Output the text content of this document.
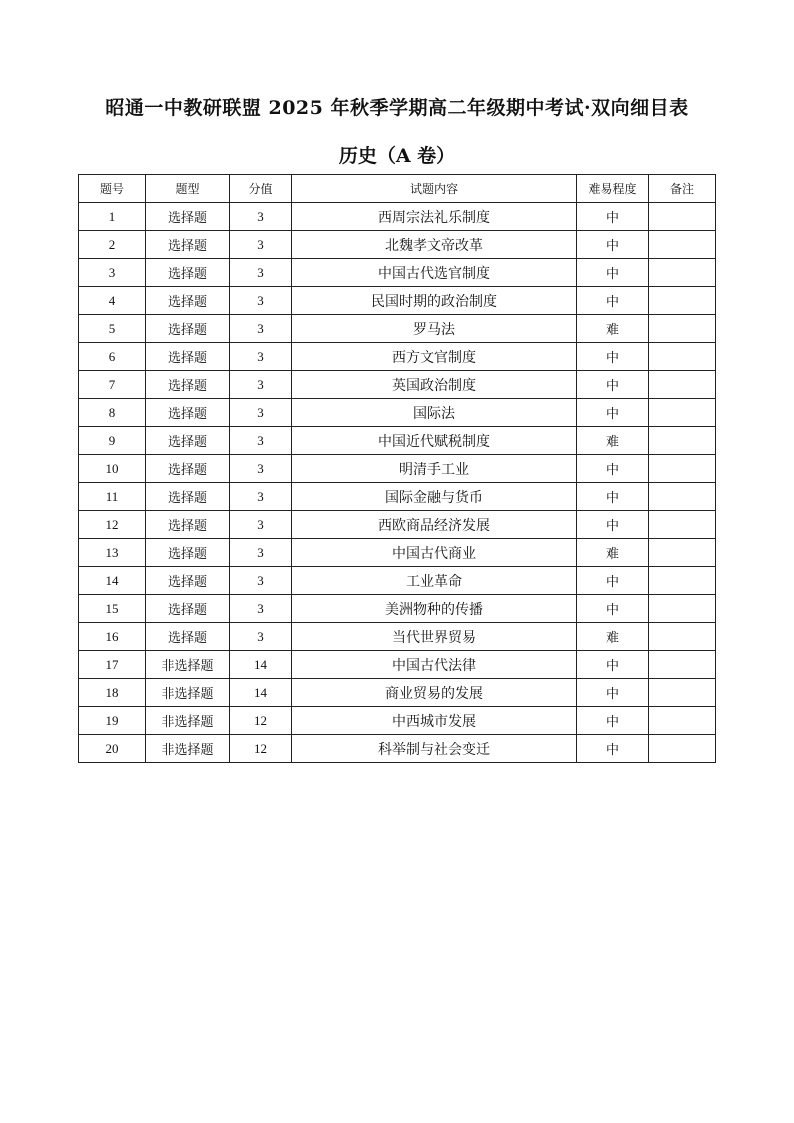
昭通一中教研联盟 2025 年秋季学期高二年级期中考试·双向细目表
历史（A 卷）
题号	题型	分值	试题内容	难易程度	备注
1	选择题	3	西周宗法礼乐制度	中	
2	选择题	3	北魏孝文帝改革	中	
3	选择题	3	中国古代选官制度	中	
4	选择题	3	民国时期的政治制度	中	
5	选择题	3	罗马法	难	
6	选择题	3	西方文官制度	中	
7	选择题	3	英国政治制度	中	
8	选择题	3	国际法	中	
9	选择题	3	中国近代赋税制度	难	
10	选择题	3	明清手工业	中	
11	选择题	3	国际金融与货币	中	
12	选择题	3	西欧商品经济发展	中	
13	选择题	3	中国古代商业	难	
14	选择题	3	工业革命	中	
15	选择题	3	美洲物种的传播	中	
16	选择题	3	当代世界贸易	难	
17	非选择题	14	中国古代法律	中	
18	非选择题	14	商业贸易的发展	中	
19	非选择题	12	中西城市发展	中	
20	非选择题	12	科举制与社会变迁	中	
